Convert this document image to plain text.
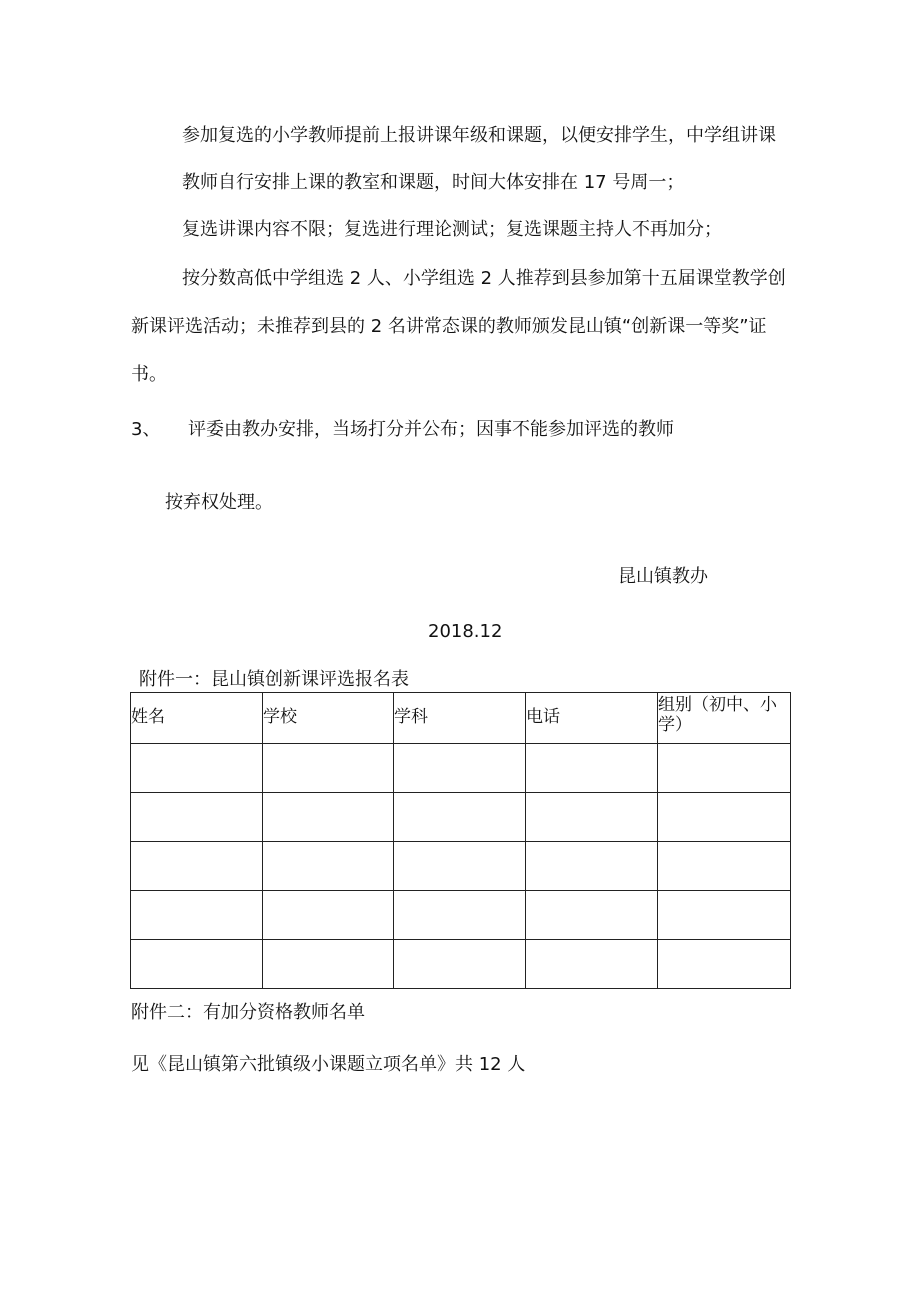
参加复选的小学教师提前上报讲课年级和课题，以便安排学生，中学组讲课
教师自行安排上课的教室和课题，时间大体安排在 17 号周一；
复选讲课内容不限；复选进行理论测试；复选课题主持人不再加分；
按分数高低中学组选 2 人、小学组选 2 人推荐到县参加第十五届课堂教学创
新课评选活动；未推荐到县的 2 名讲常态课的教师颁发昆山镇“创新课一等奖”证
书。
3、 评委由教办安排，当场打分并公布；因事不能参加评选的教师
按弃权处理。
昆山镇教办
2018.12
附件一：昆山镇创新课评选报名表
姓名	学校	学科	电话	组别（初中、小学）

附件二：有加分资格教师名单
见《昆山镇第六批镇级小课题立项名单》共 12 人
